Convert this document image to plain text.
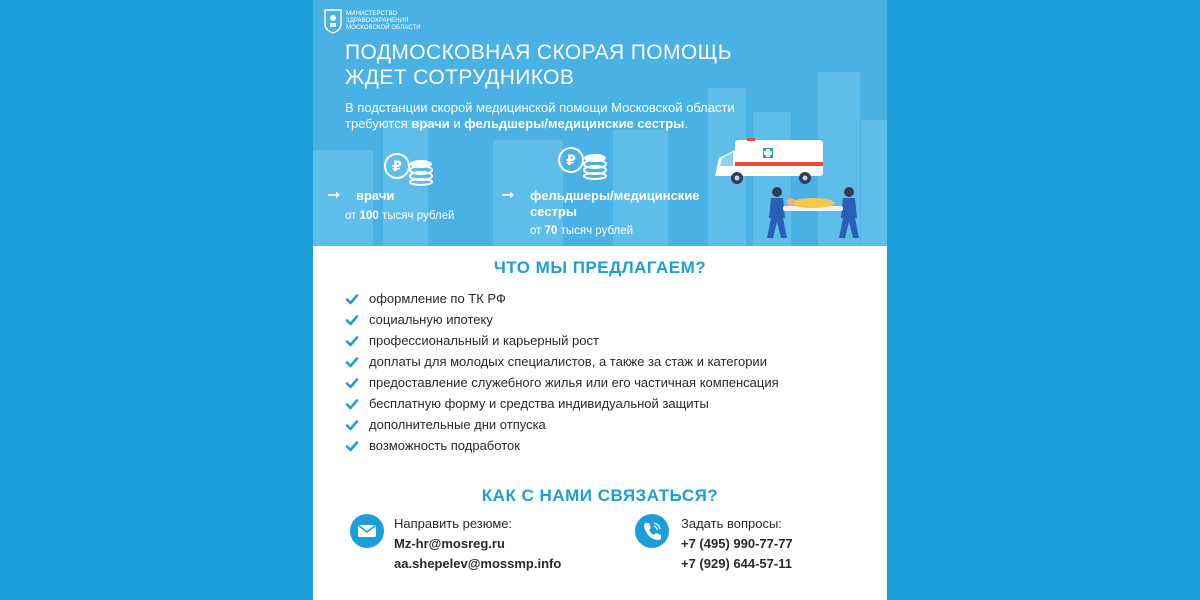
МИНИСТЕРСТВО
ЗДРАВООХРАНЕНИЯ
МОСКОВСКОЙ ОБЛАСТИ
ПОДМОСКОВНАЯ СКОРАЯ ПОМОЩЬ
ЖДЕТ СОТРУДНИКОВ
В подстанции скорой медицинской помощи Московской области
требуются врачи и фельдшеры/медицинские сестры.
₽	₽
➞ врачи
от 100 тысяч рублей
➞ фельдшеры/медицинские
сестры
от 70 тысяч рублей
ЧТО МЫ ПРЕДЛАГАЕМ?
оформление по ТК РФ
социальную ипотеку
профессиональный и карьерный рост
доплаты для молодых специалистов, а также за стаж и категории
предоставление служебного жилья или его частичная компенсация
бесплатную форму и средства индивидуальной защиты
дополнительные дни отпуска
возможность подработок
КАК С НАМИ СВЯЗАТЬСЯ?
Направить резюме:
Mz-hr@mosreg.ru
aa.shepelev@mossmp.info
Задать вопросы:
+7 (495) 990-77-77
+7 (929) 644-57-11
